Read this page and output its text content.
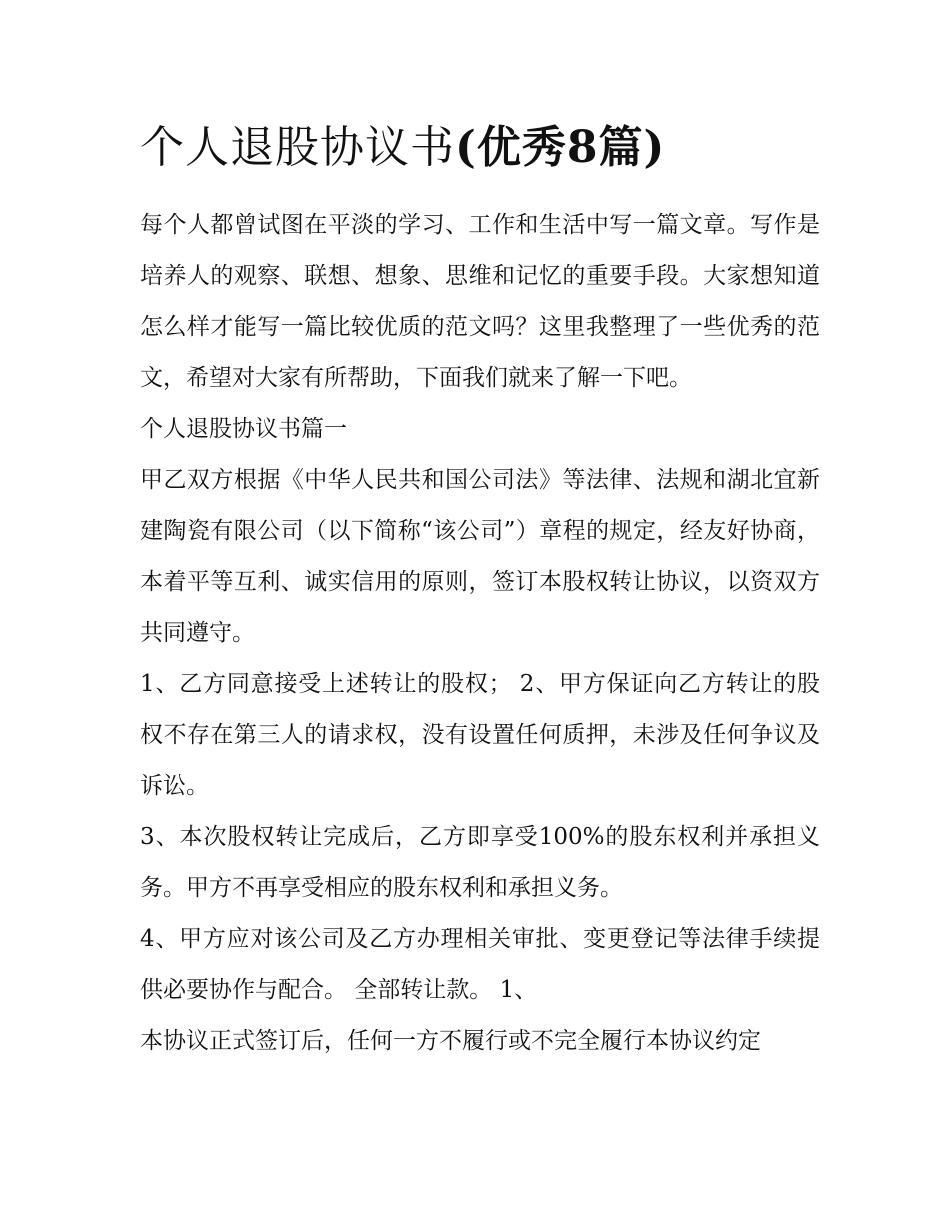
个人退股协议书(优秀8篇)

每个人都曾试图在平淡的学习、工作和生活中写一篇文章。写作是培养人的观察、联想、想象、思维和记忆的重要手段。大家想知道怎么样才能写一篇比较优质的范文吗？这里我整理了一些优秀的范文，希望对大家有所帮助，下面我们就来了解一下吧。

个人退股协议书篇一

甲乙双方根据《中华人民共和国公司法》等法律、法规和湖北宜新建陶瓷有限公司（以下简称“该公司”）章程的规定，经友好协商，本着平等互利、诚实信用的原则，签订本股权转让协议，以资双方共同遵守。

1、乙方同意接受上述转让的股权； 2、甲方保证向乙方转让的股权不存在第三人的请求权，没有设置任何质押，未涉及任何争议及诉讼。

3、本次股权转让完成后，乙方即享受100%的股东权利并承担义务。甲方不再享受相应的股东权利和承担义务。

4、甲方应对该公司及乙方办理相关审批、变更登记等法律手续提供必要协作与配合。 全部转让款。 1、

本协议正式签订后，任何一方不履行或不完全履行本协议约定
